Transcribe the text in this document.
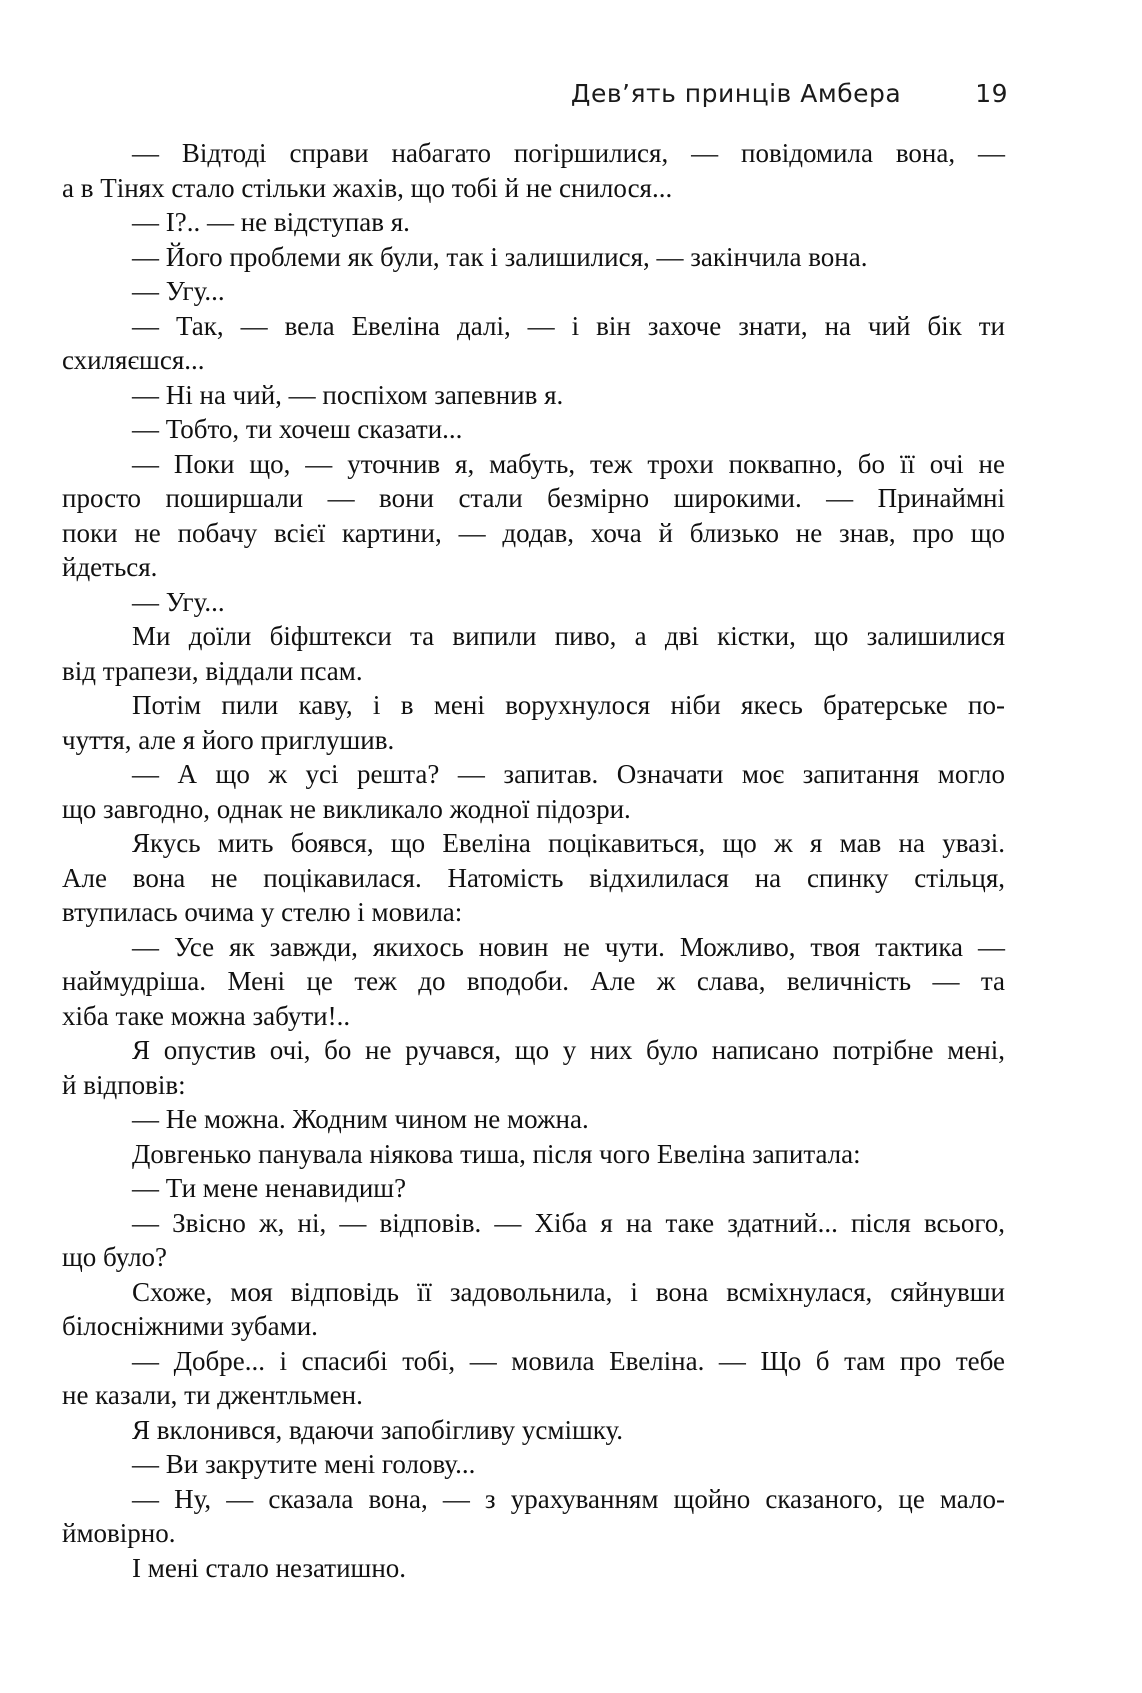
Дев’ять принців Амбера	19
— Відтоді справи набагато погіршилися, — повідомила вона, —
а в Тінях стало стільки жахів, що тобі й не снилося...
— І?.. — не відступав я.
— Його проблеми як були, так і залишилися, — закінчила вона.
— Угу...
— Так, — вела Евеліна далі, — і він захоче знати, на чий бік ти
схиляєшся...
— Ні на чий, — поспіхом запевнив я.
— Тобто, ти хочеш сказати...
— Поки що, — уточнив я, мабуть, теж трохи поквапно, бо її очі не
просто поширшали — вони стали безмірно широкими. — Принаймні
поки не побачу всієї картини, — додав, хоча й близько не знав, про що
йдеться.
— Угу...
Ми доїли біфштекси та випили пиво, а дві кістки, що залишилися
від трапези, віддали псам.
Потім пили каву, і в мені ворухнулося ніби якесь братерське по-
чуття, але я його приглушив.
— А що ж усі решта? — запитав. Означати моє запитання могло
що завгодно, однак не викликало жодної підозри.
Якусь мить боявся, що Евеліна поцікавиться, що ж я мав на увазі.
Але вона не поцікавилася. Натомість відхилилася на спинку стільця,
втупилась очима у стелю і мовила:
— Усе як завжди, якихось новин не чути. Можливо, твоя тактика —
наймудріша. Мені це теж до вподоби. Але ж слава, величність — та
хіба таке можна забути!..
Я опустив очі, бо не ручався, що у них було написано потрібне мені,
й відповів:
— Не можна. Жодним чином не можна.
Довгенько панувала ніякова тиша, після чого Евеліна запитала:
— Ти мене ненавидиш?
— Звісно ж, ні, — відповів. — Хіба я на таке здатний... після всього,
що було?
Схоже, моя відповідь її задовольнила, і вона всміхнулася, сяйнувши
білосніжними зубами.
— Добре... і спасибі тобі, — мовила Евеліна. — Що б там про тебе
не казали, ти джентльмен.
Я вклонився, вдаючи запобігливу усмішку.
— Ви закрутите мені голову...
— Ну, — сказала вона, — з урахуванням щойно сказаного, це мало-
ймовірно.
І мені стало незатишно.
